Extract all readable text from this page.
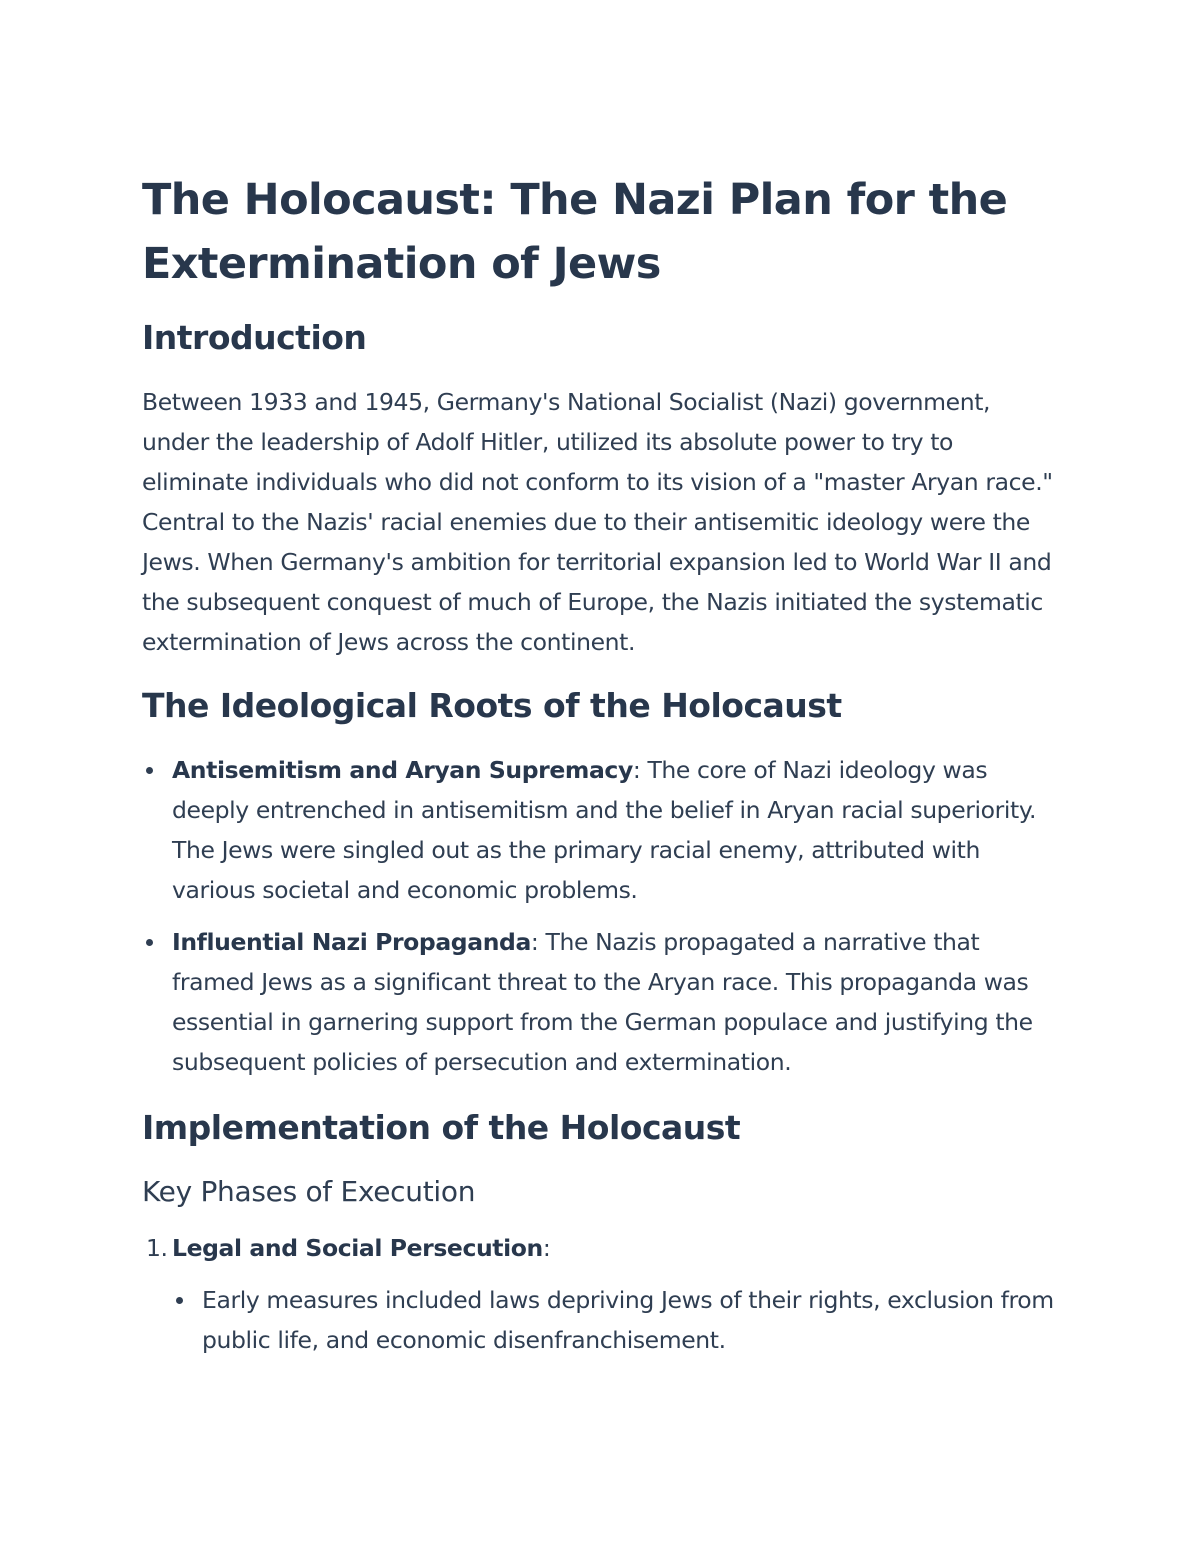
The Holocaust: The Nazi Plan for the Extermination of Jews
Introduction

Between 1933 and 1945, Germany's National Socialist (Nazi) government, under the leadership of Adolf Hitler, utilized its absolute power to try to eliminate individuals who did not conform to its vision of a "master Aryan race." Central to the Nazis' racial enemies due to their antisemitic ideology were the Jews. When Germany's ambition for territorial expansion led to World War II and the subsequent conquest of much of Europe, the Nazis initiated the systematic extermination of Jews across the continent.

The Ideological Roots of the Holocaust
Antisemitism and Aryan Supremacy: The core of Nazi ideology was deeply entrenched in antisemitism and the belief in Aryan racial superiority. The Jews were singled out as the primary racial enemy, attributed with various societal and economic problems.
Influential Nazi Propaganda: The Nazis propagated a narrative that framed Jews as a significant threat to the Aryan race. This propaganda was essential in garnering support from the German populace and justifying the subsequent policies of persecution and extermination.
Implementation of the Holocaust
Key Phases of Execution
1. Legal and Social Persecution:
Early measures included laws depriving Jews of their rights, exclusion from public life, and economic disenfranchisement.
